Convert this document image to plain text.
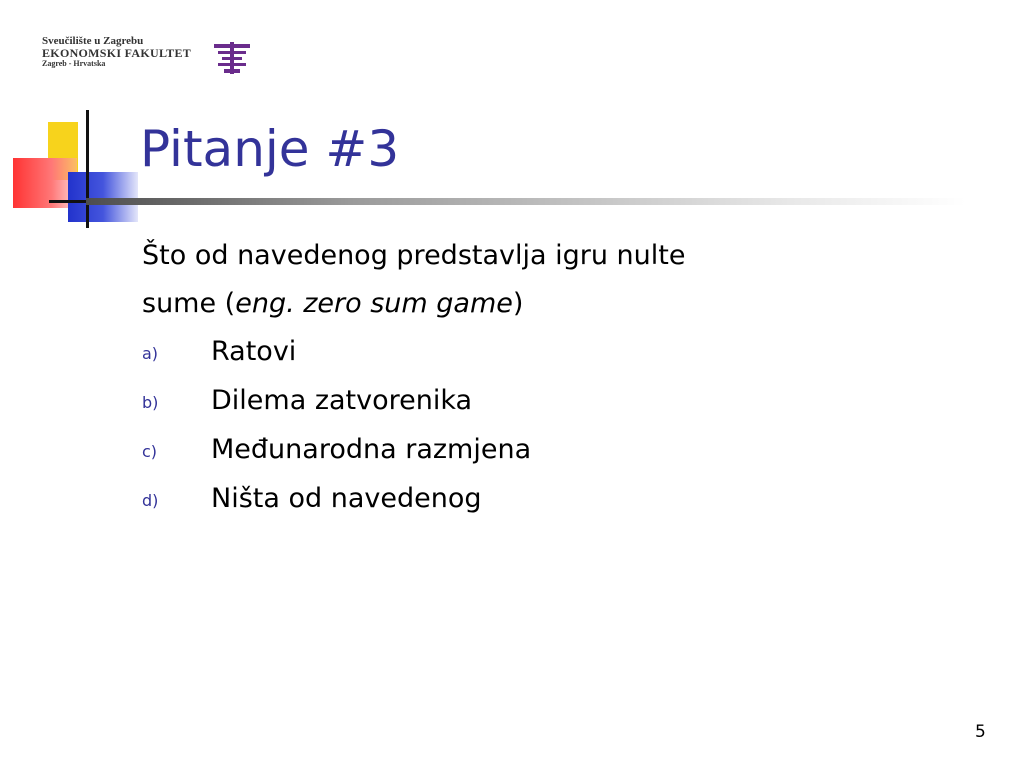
Sveučilište u Zagrebu
EKONOMSKI FAKULTET
Zagreb - Hrvatska
Pitanje #3

Što od navedenog predstavlja igru nulte
sume (eng. zero sum game)

a) Ratovi
b) Dilema zatvorenika
c) Međunarodna razmjena
d) Ništa od navedenog
5
